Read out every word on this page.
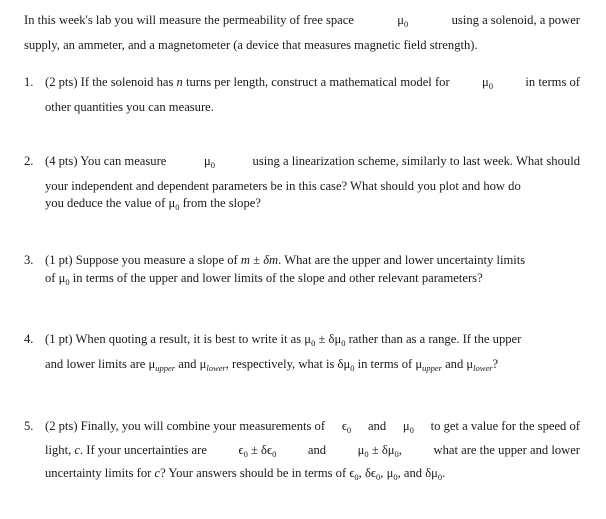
In this week's lab you will measure the permeability of free space	$\mu_0$	using a solenoid, a power
supply, an ammeter, and a magnetometer (a device that measures magnetic field strength).
1. (2 pts) If the solenoid has n turns per length, construct a mathematical model for	$\mu_0$	in terms of
other quantities you can measure.
2. (4 pts) You can measure	$\mu_0$	using a linearization scheme, similarly to last week. What should
your independent and dependent parameters be in this case? What should you plot and how do
you deduce the value of $\mu_0$ from the slope?
3. (1 pt) Suppose you measure a slope of m ± δm. What are the upper and lower uncertainty limits
of $\mu_0$ in terms of the upper and lower limits of the slope and other relevant parameters?
4. (1 pt) When quoting a result, it is best to write it as $\mu_0 \pm \delta\mu_0$ rather than as a range. If the upper
and lower limits are $\mu_{upper}$ and $\mu_{lower}$, respectively, what is $\delta\mu_0$ in terms of $\mu_{upper}$ and $\mu_{lower}$?
5. (2 pts) Finally, you will combine your measurements of $\epsilon_0$ and $\mu_0$ to get a value for the speed of
light, c. If your uncertainties are	$\epsilon_0 \pm \delta\epsilon_0$	and	$\mu_0 \pm \delta\mu_0$,	what are the upper and lower
uncertainty limits for c? Your answers should be in terms of $\epsilon_0$, $\delta\epsilon_0$, $\mu_0$, and $\delta\mu_0$.
